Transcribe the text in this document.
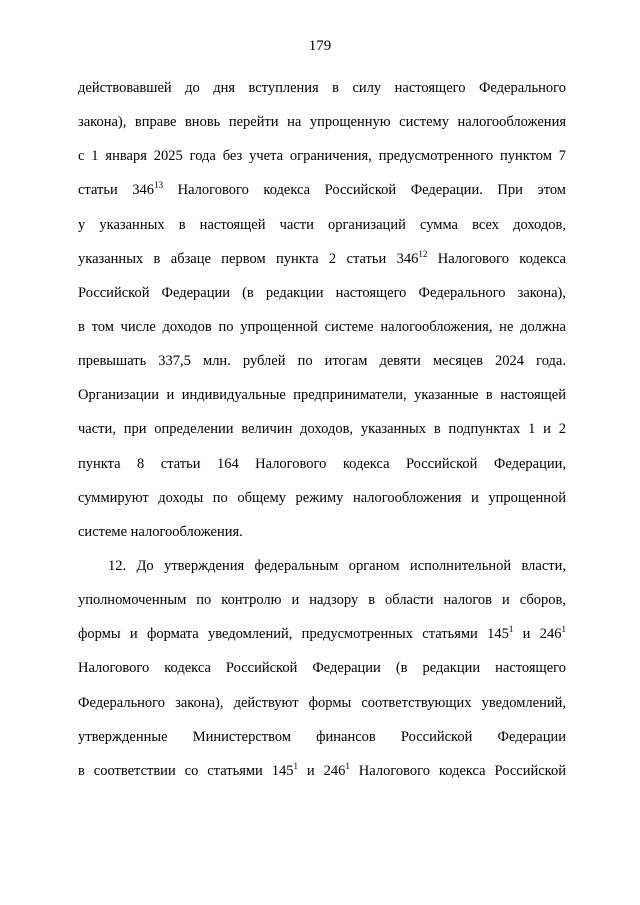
179
действовавшей до дня вступления в силу настоящего Федерального
закона), вправе вновь перейти на упрощенную систему налогообложения
с 1 января 2025 года без учета ограничения, предусмотренного пунктом 7
статьи $346^{13}$ Налогового кодекса Российской Федерации. При этом
у указанных в настоящей части организаций сумма всех доходов,
указанных в абзаце первом пункта 2 статьи $346^{12}$ Налогового кодекса
Российской Федерации (в редакции настоящего Федерального закона),
в том числе доходов по упрощенной системе налогообложения, не должна
превышать 337,5 млн. рублей по итогам девяти месяцев 2024 года.
Организации и индивидуальные предприниматели, указанные в настоящей
части, при определении величин доходов, указанных в подпунктах 1 и 2
пункта 8 статьи 164 Налогового кодекса Российской Федерации,
суммируют доходы по общему режиму налогообложения и упрощенной
системе налогообложения.
12. До утверждения федеральным органом исполнительной власти,
уполномоченным по контролю и надзору в области налогов и сборов,
формы и формата уведомлений, предусмотренных статьями $145^1$ и $246^1$
Налогового кодекса Российской Федерации (в редакции настоящего
Федерального закона), действуют формы соответствующих уведомлений,
утвержденные Министерством финансов Российской Федерации
в соответствии со статьями $145^1$ и $246^1$ Налогового кодекса Российской
